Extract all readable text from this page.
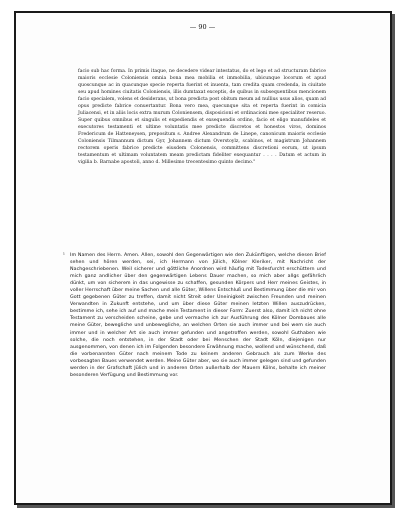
— 90 —

facio sub hac forma. In primis itaque, ne decedere videar intestatus, do et lego et ad structuram fabrice maioris ecclesie Coloniensis omnia bona mea mobilia et immobilia, ubicunque locorum et apud quoscunque ac in quacunque specie reperta fuerint et inuenta, tam credita quam credenda, in ciuitate seu apud homines ciuitatis Coloniensis, illis dumtaxat exceptis, de quibus in subsequentibus mencionem facio specialem, volens et desiderans, ut bona predicta post obitum meum ad nullius usus alios, quam ad opus predicte fabrice conuertantur. Bona vero mea, quecunque sita et reperta fuerint in comicia Juliacensi, et in aliis locis extra murum Coloniensem, disposicioni et ordinacioni mee specialiter reseruo. Super quibus omnibus et singulis et expediendis et exsequendis ordino, facio et eligo manufideles et executores testamenti et ultime voluntatis mee predicte discretos et honestos viros, dominos Fredericum de Hatteneysen, prepositum s. Andree Alexandrum de Linepe, canonicum maioris ecclesie Coloniensis Tilmannum dictum Gyr, Johannem dictum Overstoylz, scabinos, et magistrum Johannem rectorem operis fabrice predicte eiusdem Colonensis, committens discretioni eorum, ut ipsum testamentum et ultimam voluntatem meam predictam fideliter exequantur . . . . Datum et actum in vigilia b. Barnabe apostoli, anno d. Millesimo trecentesimo quinto decimo."

¹ Im Namen des Herrn. Amen. Allen, sowohl den Gegenwärtigen wie den Zukünftigen, welche diesen Brief sehen und hören werden, sei, ich Hermann von Jülich, Kölner Kleriker, mit Nachricht der Nachgeschriebenen. Weil sicherer und göttliche Anordnen wird häufig mit Todesfurcht erschüttern und mich ganz andlicher über den gegenwärtigen Lebens Dauer machen, so mich aber allgs gefährlich dünkt, um von sicherem in das ungewisse zu schaffen, gesunden Körpers und Herr meines Geistes, in voller Herrschaft über meine Sachen und alle Güter, Willens Entschluß und Bestimmung über die mir von Gott gegebenen Güter zu treffen, damit nicht Streit oder Uneinigkeit zwischen Freunden und meinen Verwandten in Zukunft entstehe, und um über diese Güter meinen letzten Willen auszudrücken, bestimme ich, sehe ich auf und mache mein Testament in dieser Form: Zuerst also, damit ich nicht ohne Testament zu verscheiden scheine, gebe und vermache ich zur Ausführung des Kölner Dombaues alle meine Güter, bewegliche und unbewegliche, an welchen Orten sie auch immer und bei wem sie auch immer und in welcher Art sie auch immer gefunden und angetroffen werden, sowohl Guthaben wie solche, die noch entstehen, in der Stadt oder bei Menschen der Stadt Köln, diejenigen nur ausgenommen, von denen ich im Folgenden besondere Erwähnung mache, wollend und wünschend, daß die vorbenannten Güter nach meinem Tode zu keinem anderen Gebrauch als zum Werke des vorbesagten Baues verwendet werden. Meine Güter aber, wo sie auch immer gelegen sind und gefunden werden in der Grafschaft Jülich und in anderen Orten außerhalb der Mauern Kölns, behalte ich meiner besonderen Verfügung und Bestimmung vor.
